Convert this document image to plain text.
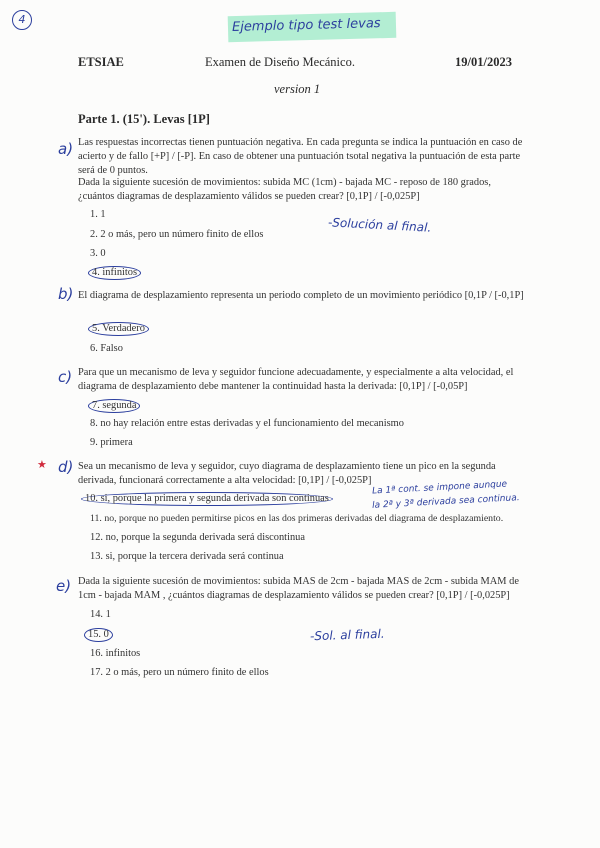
4	Ejemplo tipo test levas
ETSIAE	Examen de Diseño Mecánico.	19/01/2023
version 1
Parte 1. (15'). Levas [1P]
a)
b)
c)
★ d)
e)
Las respuestas incorrectas tienen puntuación negativa. En cada pregunta se indica la puntuación en caso de acierto y de fallo [+P] / [-P]. En caso de obtener una puntuación tsotal negativa la puntuación de esta parte será de 0 puntos.
Dada la siguiente sucesión de movimientos: subida MC (1cm) - bajada MC - reposo de 180 grados, ¿cuántos diagramas de desplazamiento válidos se pueden crear? [0,1P] / [-0,025P]
1. 1
2. 2 o más, pero un número finito de ellos
3. 0
4. infinitos
-Solución al final.
El diagrama de desplazamiento representa un periodo completo de un movimiento periódico [0,1P / [-0,1P]
5. Verdadero
6. Falso
Para que un mecanismo de leva y seguidor funcione adecuadamente, y especialmente a alta velocidad, el diagrama de desplazamiento debe mantener la continuidad hasta la derivada: [0,1P] / [-0,05P]
7. segunda
8. no hay relación entre estas derivadas y el funcionamiento del mecanismo
9. primera
Sea un mecanismo de leva y seguidor, cuyo diagrama de desplazamiento tiene un pico en la segunda derivada, funcionará correctamente a alta velocidad: [0,1P] / [-0,025P]
10. si, porque la primera y segunda derivada son continuas
11. no, porque no pueden permitirse picos en las dos primeras derivadas del diagrama de desplazamiento.
12. no, porque la segunda derivada será discontinua
13. si, porque la tercera derivada será continua
La 1ª cont. se impone aunque
la 2ª y 3ª derivada sea continua.
Dada la siguiente sucesión de movimientos: subida MAS de 2cm - bajada MAS de 2cm - subida MAM de 1cm - bajada MAM , ¿cuántos diagramas de desplazamiento válidos se pueden crear? [0,1P] / [-0,025P]
14. 1
15. 0
16. infinitos
17. 2 o más, pero un número finito de ellos
-Sol. al final.
